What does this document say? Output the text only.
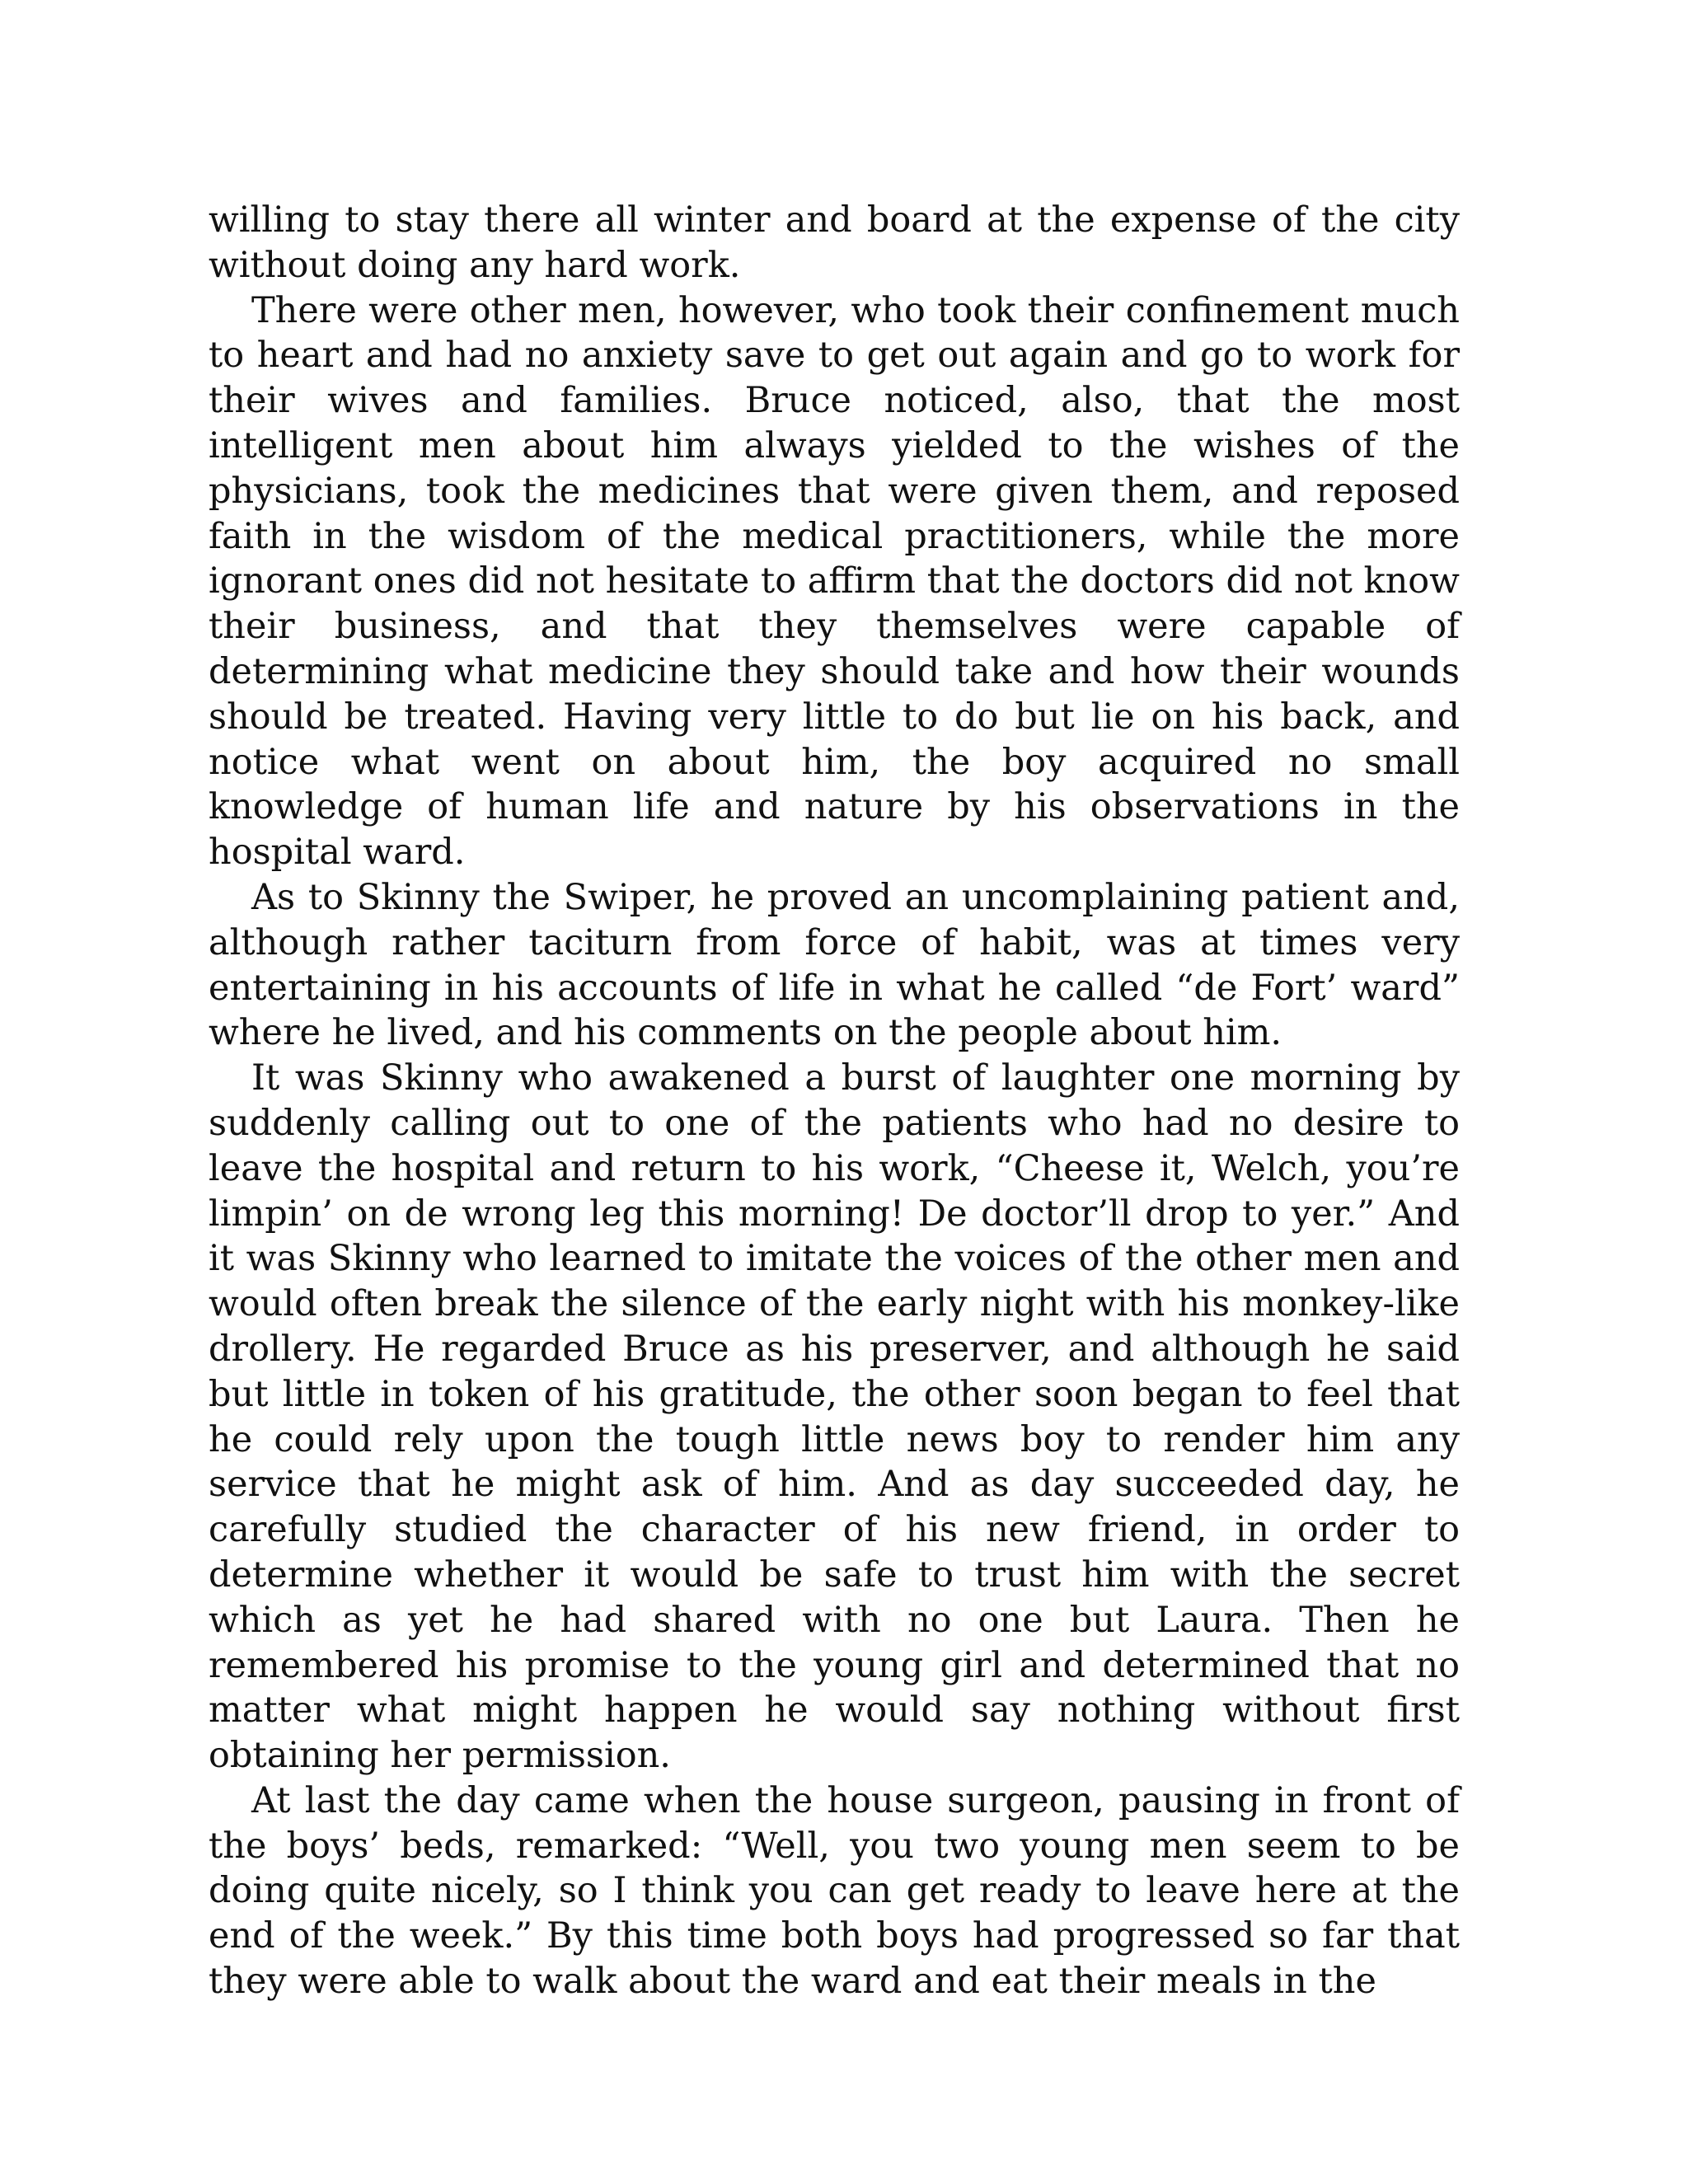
willing to stay there all winter and board at the expense of the city without doing any hard work.

There were other men, however, who took their confinement much to heart and had no anxiety save to get out again and go to work for their wives and families. Bruce noticed, also, that the most intelligent men about him always yielded to the wishes of the physicians, took the medicines that were given them, and reposed faith in the wisdom of the medical practitioners, while the more ignorant ones did not hesitate to affirm that the doctors did not know their business, and that they themselves were capable of determining what medicine they should take and how their wounds should be treated. Having very little to do but lie on his back, and notice what went on about him, the boy acquired no small knowledge of human life and nature by his observations in the hospital ward.

As to Skinny the Swiper, he proved an uncomplaining patient and, although rather taciturn from force of habit, was at times very entertaining in his accounts of life in what he called “de Fort’ ward” where he lived, and his comments on the people about him.

It was Skinny who awakened a burst of laughter one morning by suddenly calling out to one of the patients who had no desire to leave the hospital and return to his work, “Cheese it, Welch, you’re limpin’ on de wrong leg this morning! De doctor’ll drop to yer.” And it was Skinny who learned to imitate the voices of the other men and would often break the silence of the early night with his monkey-like drollery. He regarded Bruce as his preserver, and although he said but little in token of his gratitude, the other soon began to feel that he could rely upon the tough little news boy to render him any service that he might ask of him. And as day succeeded day, he carefully studied the character of his new friend, in order to determine whether it would be safe to trust him with the secret which as yet he had shared with no one but Laura. Then he remembered his promise to the young girl and determined that no matter what might happen he would say nothing without first obtaining her permission.

At last the day came when the house surgeon, pausing in front of the boys’ beds, remarked: “Well, you two young men seem to be doing quite nicely, so I think you can get ready to leave here at the end of the week.” By this time both boys had progressed so far that they were able to walk about the ward and eat their meals in the
